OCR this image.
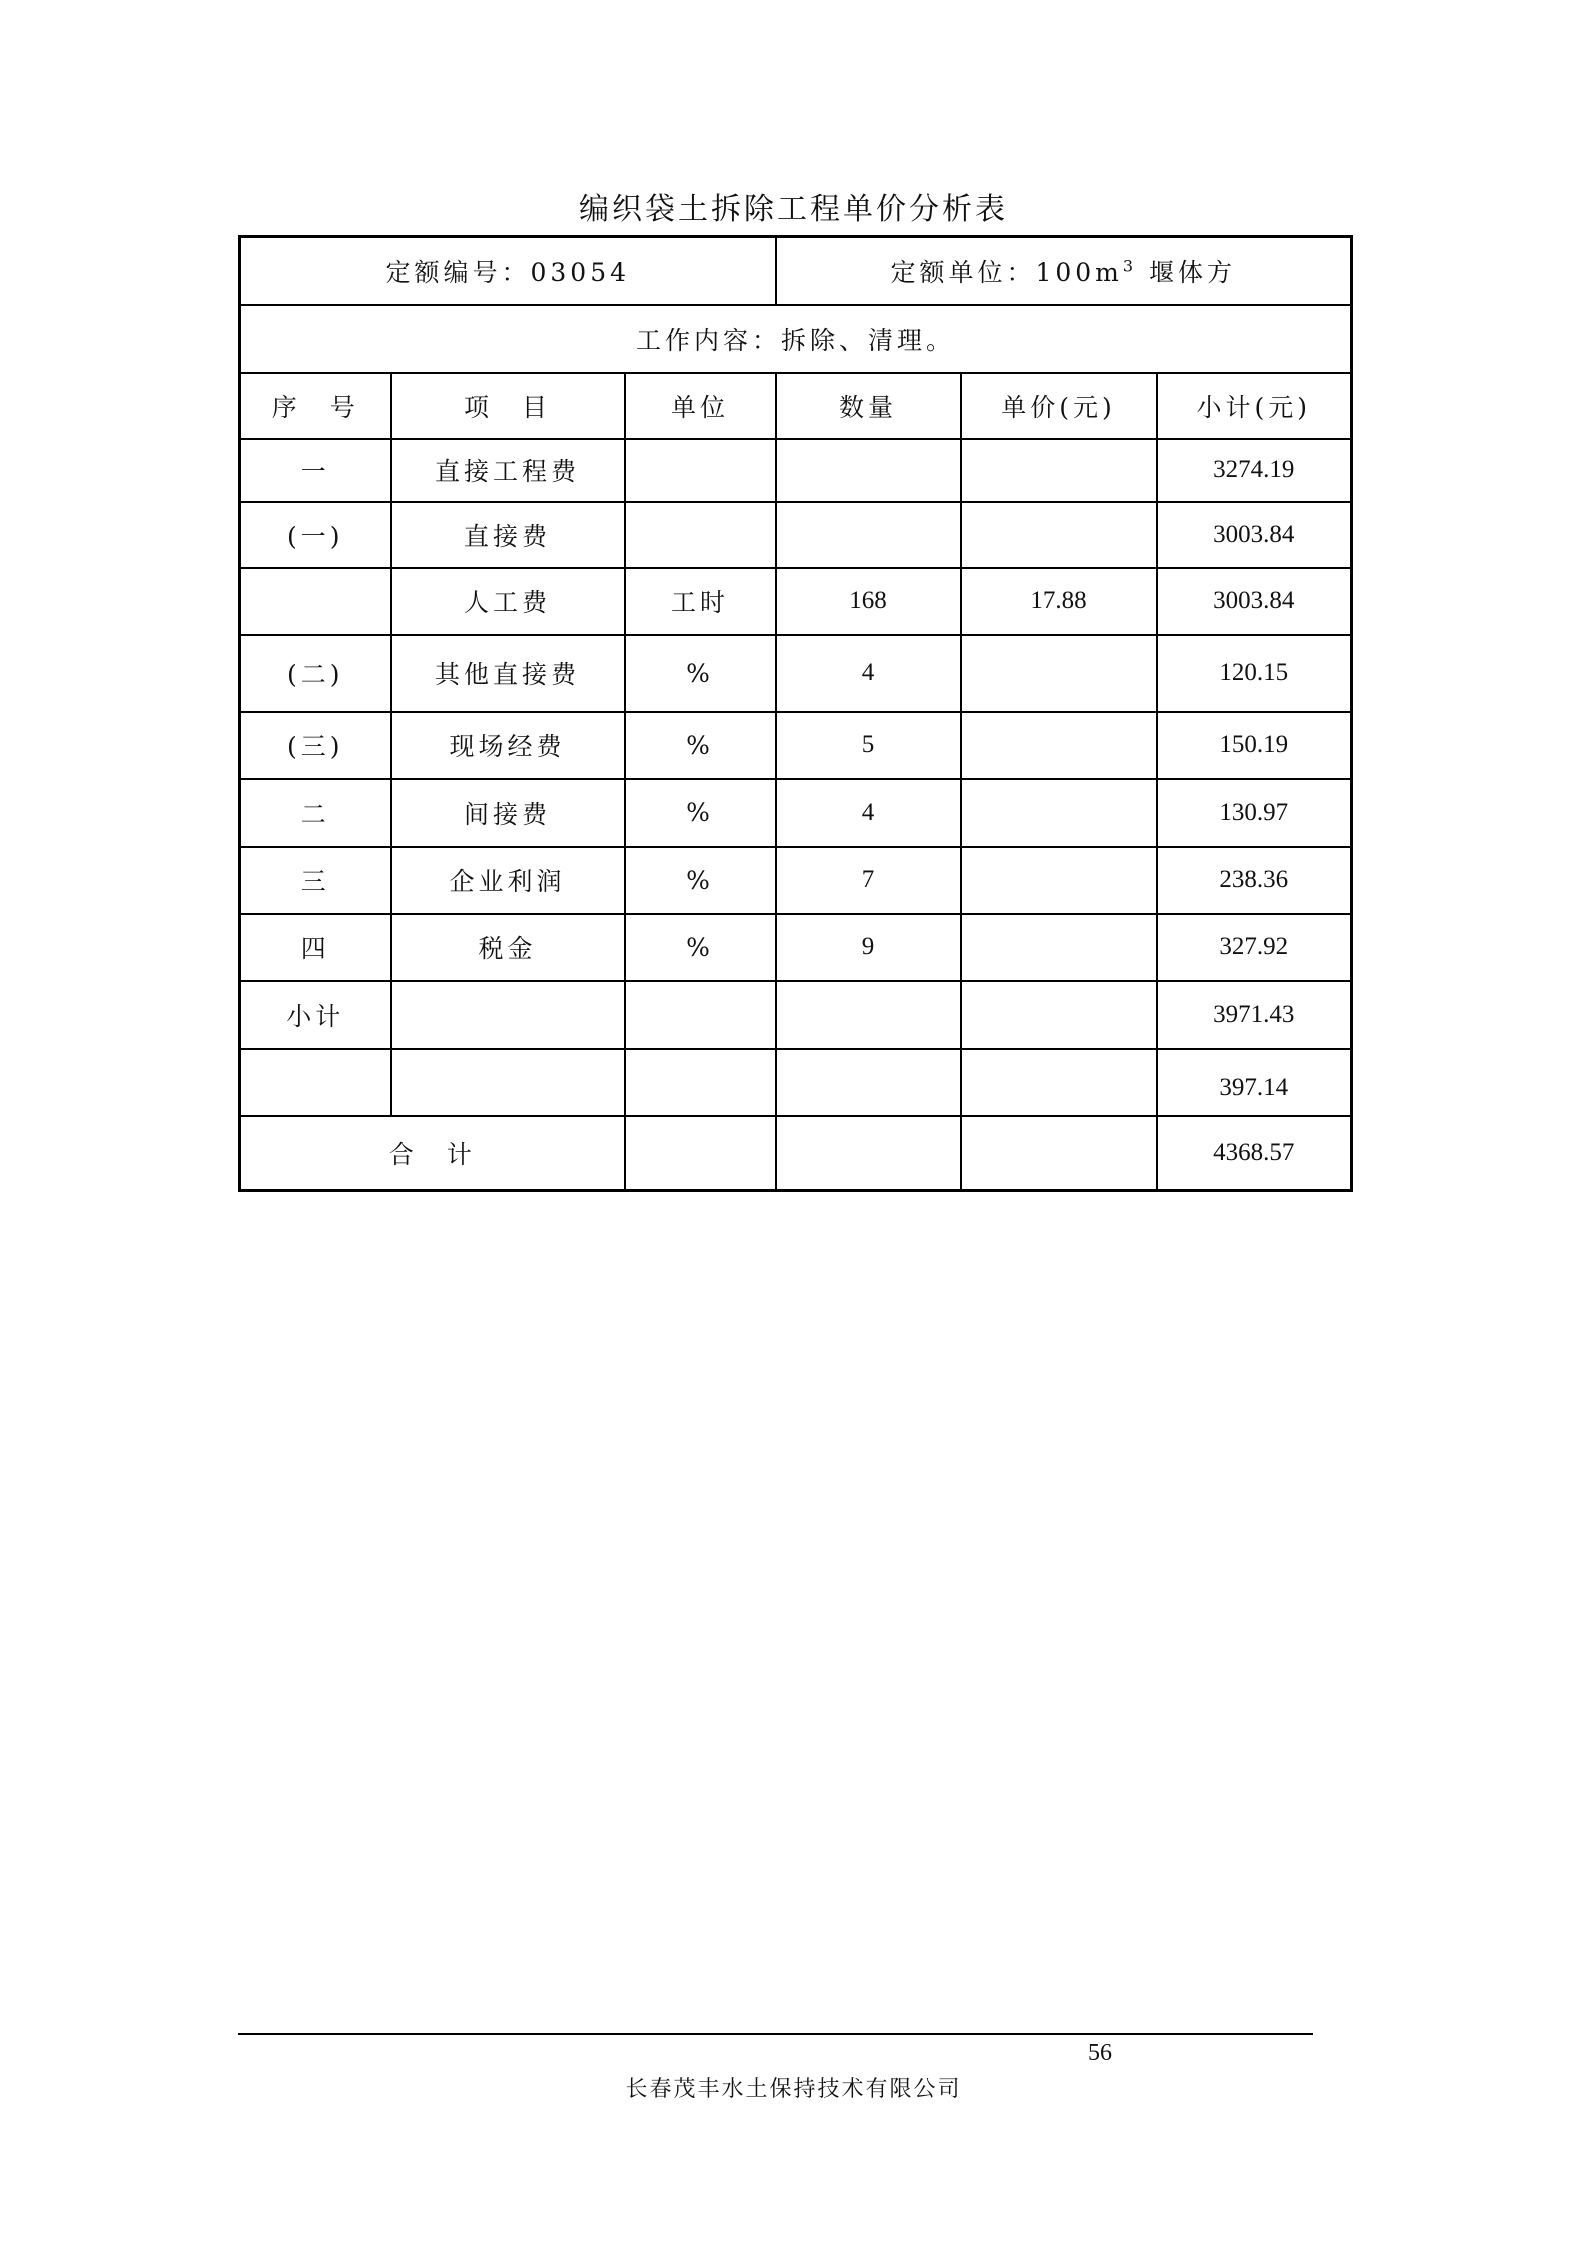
编织袋土拆除工程单价分析表
定额编号：03054			定额单位：$100m^3$ 堰体方		
工作内容：拆除、清理。					
序　号	项　目	单位	数量	单价(元)	小计(元)
一	直接工程费				3274.19
(一)	直接费				3003.84
	人工费	工时	168	17.88	3003.84
(二)	其他直接费	%	4		120.15
(三)	现场经费	%	5		150.19
二	间接费	%	4		130.97
三	企业利润	%	7		238.36
四	税金	%	9		327.92
小计					3971.43
					397.14
合　计					4368.57
56
长春茂丰水土保持技术有限公司
